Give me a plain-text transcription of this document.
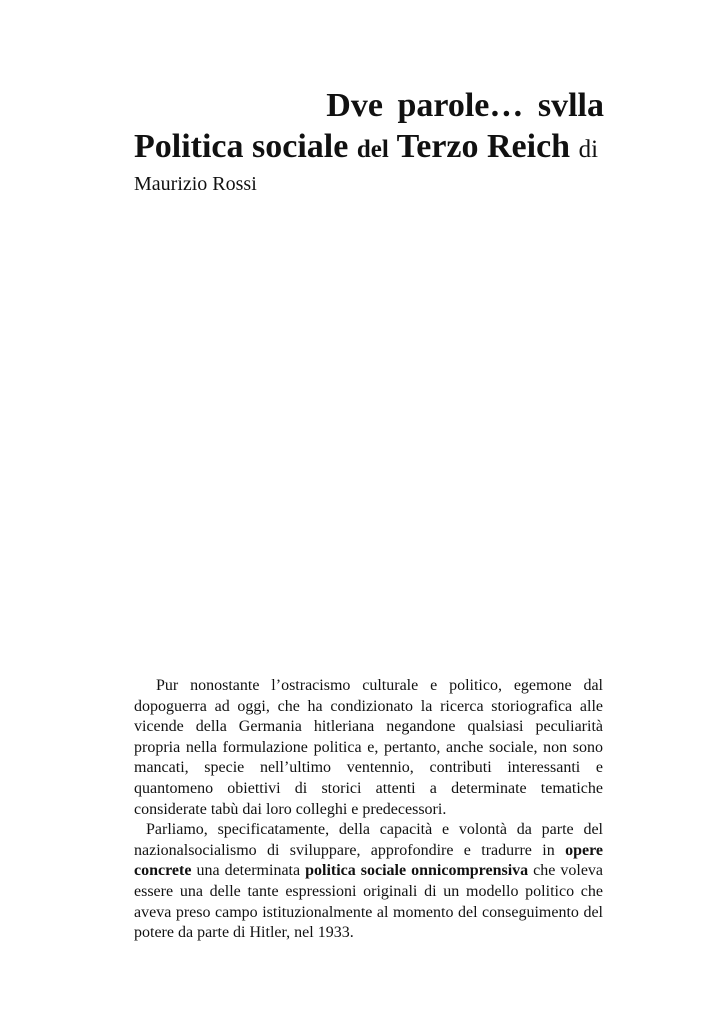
Dve parole… svlla

Politica sociale del Terzo Reich di

Maurizio Rossi

Pur nonostante l’ostracismo culturale e politico, egemone dal dopoguerra ad oggi, che ha condizionato la ricerca storiografica alle vicende della Germania hitleriana negandone qualsiasi peculiarità propria nella formulazione politica e, pertanto, anche sociale, non sono mancati, specie nell’ultimo ventennio, contributi interessanti e quantomeno obiettivi di storici attenti a determinate tematiche considerate tabù dai loro colleghi e predecessori.

Parliamo, specificatamente, della capacità e volontà da parte del nazionalsocialismo di sviluppare, approfondire e tradurre in opere concrete una determinata politica sociale onnicomprensiva che voleva essere una delle tante espressioni originali di un modello politico che aveva preso campo istituzionalmente al momento del conseguimento del potere da parte di Hitler, nel 1933.
